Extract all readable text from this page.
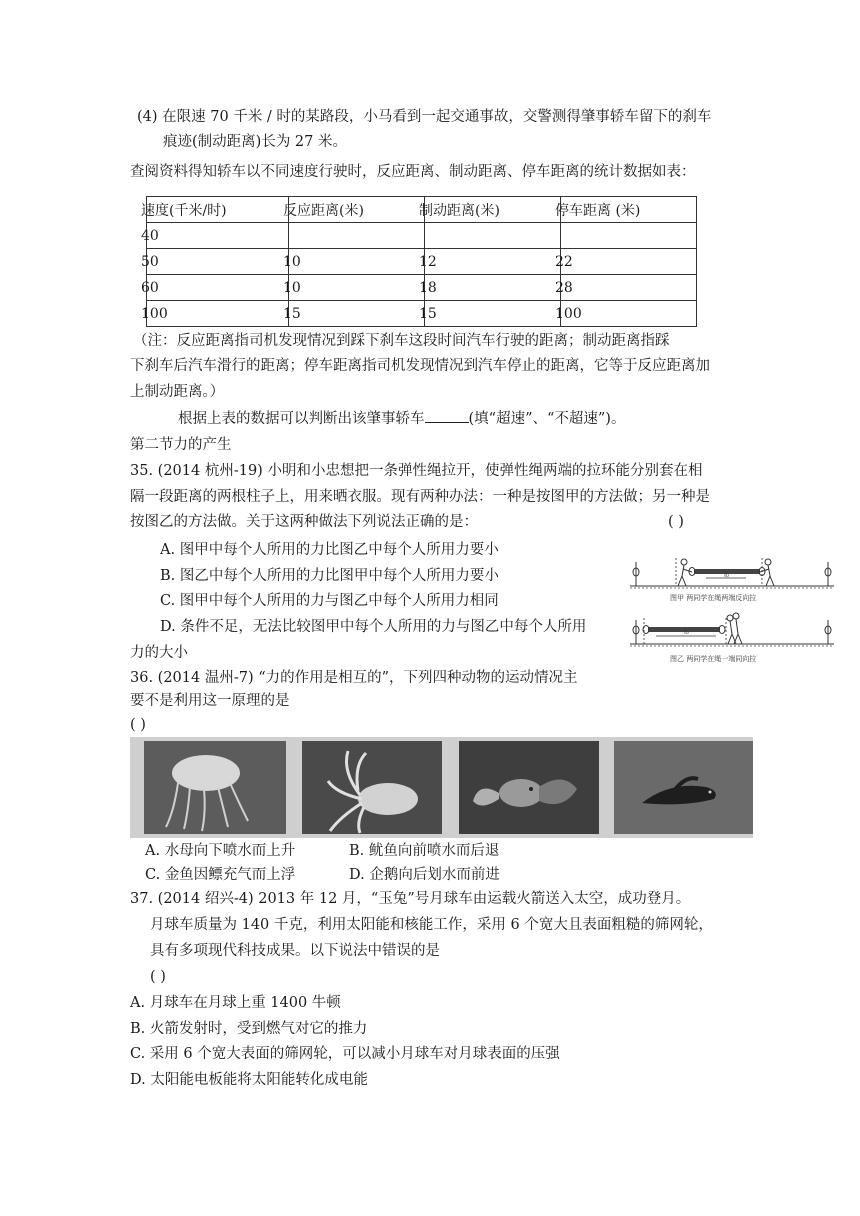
(4) 在限速 70 千米 / 时的某路段，小马看到一起交通事故，交警测得肇事轿车留下的刹车
痕迹(制动距离)长为 27 米。
查阅资料得知轿车以不同速度行驶时，反应距离、制动距离、停车距离的统计数据如表：
速度(千米/时)	反应距离(米)	制动距离(米)	停车距离 (米)

40			

50	10	12	22

60	10	18	28

100	15	15	100
（注：反应距离指司机发现情况到踩下刹车这段时间汽车行驶的距离；制动距离指踩
下刹车后汽车滑行的距离；停车距离指司机发现情况到汽车停止的距离，它等于反应距离加
上制动距离。）
根据上表的数据可以判断出该肇事轿车	(填“超速”、“不超速”)。
第二节力的产生
35. (2014 杭州-19) 小明和小忠想把一条弹性绳拉开，使弹性绳两端的拉环能分别套在相
隔一段距离的两根柱子上，用来晒衣服。现有两种办法：一种是按图甲的方法做；另一种是
按图乙的方法做。关于这两种做法下列说法正确的是：	( )
A. 图甲中每个人所用的力比图乙中每个人所用力要小
B. 图乙中每个人所用的力比图甲中每个人所用力要小
C. 图甲中每个人所用的力与图乙中每个人所用力相同
D. 条件不足，无法比较图甲中每个人所用的力与图乙中每个人所用
力的大小
l₀
图甲 两同学在绳两端反向拉
l₀
图乙 两同学在绳一端同向拉
36. (2014 温州-7) “力的作用是相互的”，下列四种动物的运动情况主
要不是利用这一原理的是
( )
A. 水母向下喷水而上升	B. 鱿鱼向前喷水而后退
C. 金鱼因鳔充气而上浮	D. 企鹅向后划水而前进
37. (2014 绍兴-4) 2013 年 12 月，“玉兔”号月球车由运载火箭送入太空，成功登月。
月球车质量为 140 千克，利用太阳能和核能工作，采用 6 个宽大且表面粗糙的筛网轮，
具有多项现代科技成果。以下说法中错误的是
( )
A. 月球车在月球上重 1400 牛顿
B. 火箭发射时，受到燃气对它的推力
C. 采用 6 个宽大表面的筛网轮，可以减小月球车对月球表面的压强
D. 太阳能电板能将太阳能转化成电能
